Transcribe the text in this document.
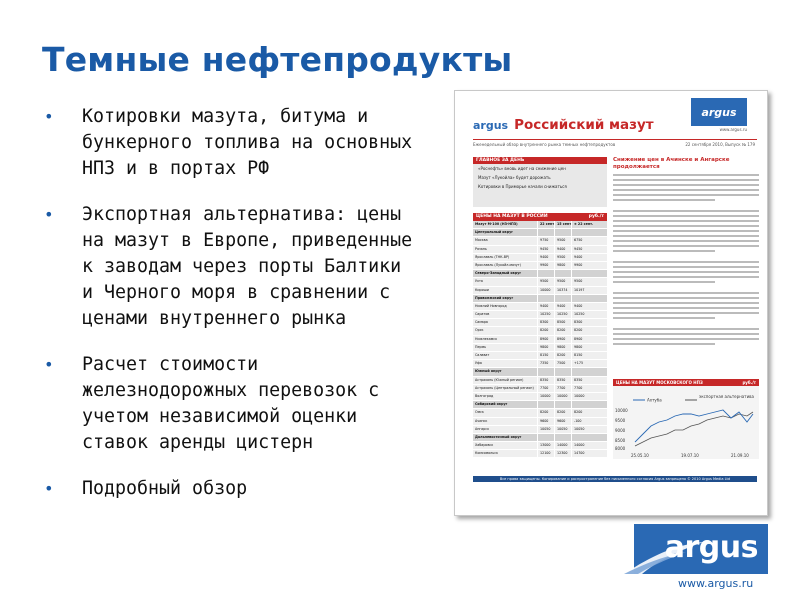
Темные нефтепродукты
• Котировки мазута, битума и бункерного топлива на основных НПЗ и в портах РФ
• Экспортная альтернатива: цены на мазут в Европе, приведенные к заводам через порты Балтики и Черного моря в сравнении с ценами внутреннего рынка
• Расчет стоимости железнодорожных перевозок с учетом независимой оценки ставок аренды цистерн
• Подробный обзор
argus
www.argus.ru
argus Российский мазут
Еженедельный обзор внутреннего рынка темных нефтепродуктов	22 сентября 2010, Выпуск № 179
ГЛАВНОЕ ЗА ДЕНЬ
«Роснефть» вновь идет на снижение цен
Мазут «Лукойла» будет дорожать
Котировки в Приморье начали снижаться
ЦЕНЫ НА МАЗУТ В РОССИИ	руб./т
Мазут М-100 (НЗ-НПЗ)	22 сент. 15 сент. ± 22 сент.
Центральный округ
Москва	9750	9500	6750
Рязань	9450	9400	9450
Ярославль (ТНК-ВР)	9400	9500	9400
Ярославль (Лукойл-мазут)	9900	9800	9900
Северо-Западный округ
Ухта	9500	9500	9500
Кириши	10000	10374	10197
Приволжский округ
Нижний Новгород	9400	9400	9400
Саратов	10250	10250	10250
Самара	8300	8500	8300
Орск	8200	8200	8200
Нижнекамск	8900	8900	8900
Пермь	9800	9800	9800
Салават	8150	8200	8150
Уфа	7350	7500	+175
Южный округ
Астрахань (Южный регион)	8350	8350	8350
Астрахань (Центральный регион)	7700	7700	7700
Волгоград	10000	10000	10000
Сибирский округ
Омск	8200	8200	8200
Ачинск	9600	9600	-100
Ангарск	10050	10050	10050
Дальневосточный округ
Хабаровск	13000	14000	14000
Комсомольск	12100	12300	14700
Снижение цен в Ачинске и Ангарске продолжается
ЦЕНЫ НА МАЗУТ МОСКОВСКОГО НПЗ	руб./т
Ахтуба
экспортная альтернатива
10000
9500
9000
8500
8000
25.05.10	19.07.10	21.09.10
Все права защищены. Копирование и распространение без письменного согласия Argus запрещено © 2010 Argus Media Ltd
argus
www.argus.ru
